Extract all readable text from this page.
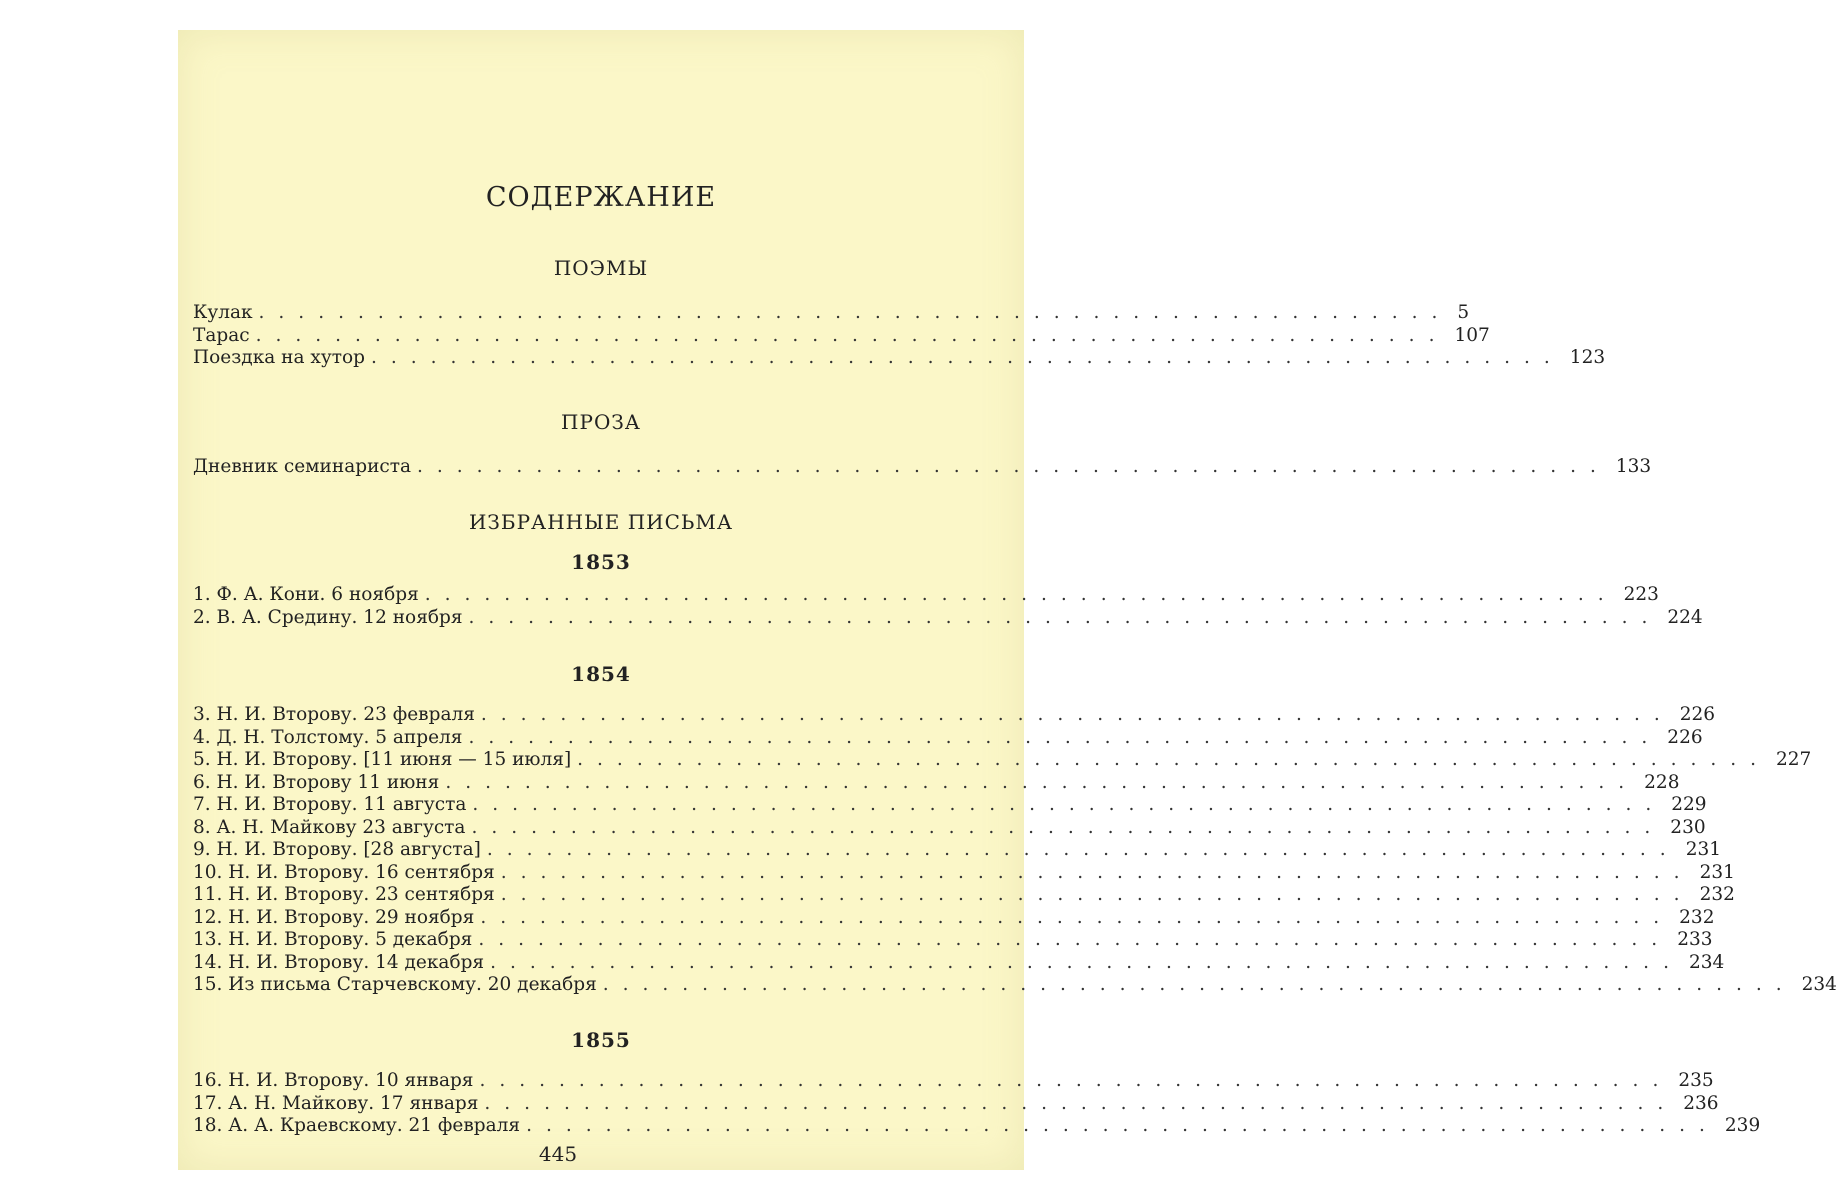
СОДЕРЖАНИЕ
ПОЭМЫ
Кулак ............................................................ 5
Тарас ............................................................ 107
Поездка на хутор ............................................................ 123
ПРОЗА
Дневник семинариста ............................................................ 133
ИЗБРАННЫЕ ПИСЬМА
1853
1. Ф. А. Кони. 6 ноября ............................................................ 223
2. В. А. Средину. 12 ноября ............................................................ 224
1854
3. Н. И. Второву. 23 февраля ............................................................ 226
4. Д. Н. Толстому. 5 апреля ............................................................ 226
5. Н. И. Второву. [11 июня — 15 июля] ............................................................ 227
6. Н. И. Второву 11 июня ............................................................ 228
7. Н. И. Второву. 11 августа ............................................................ 229
8. А. Н. Майкову 23 августа ............................................................ 230
9. Н. И. Второву. [28 августа] ............................................................ 231
10. Н. И. Второву. 16 сентября ............................................................ 231
11. Н. И. Второву. 23 сентября ............................................................ 232
12. Н. И. Второву. 29 ноября ............................................................ 232
13. Н. И. Второву. 5 декабря ............................................................ 233
14. Н. И. Второву. 14 декабря ............................................................ 234
15. Из письма Старчевскому. 20 декабря ............................................................ 234
1855
16. Н. И. Второву. 10 января ............................................................ 235
17. А. Н. Майкову. 17 января ............................................................ 236
18. А. А. Краевскому. 21 февраля ............................................................ 239
445
